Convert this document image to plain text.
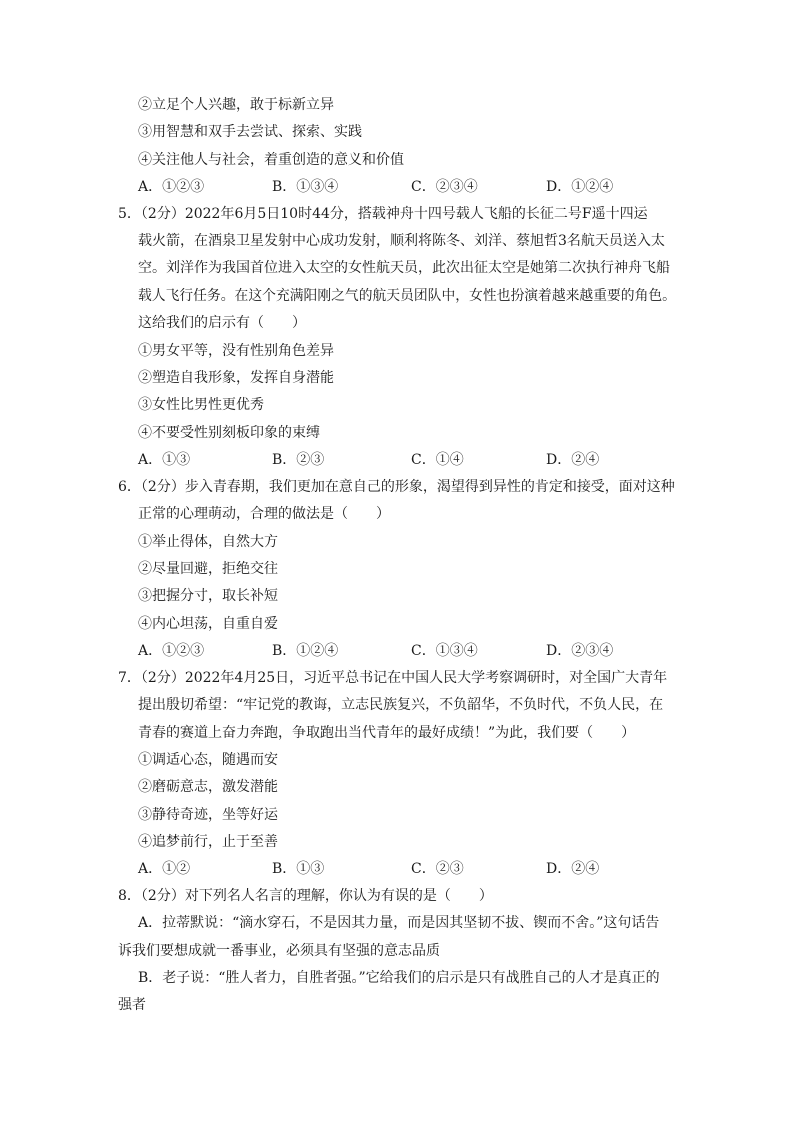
②立足个人兴趣，敢于标新立异
③用智慧和双手去尝试、探索、实践
④关注他人与社会，着重创造的意义和价值
A．①②③	B．①③④	C．②③④	D．①②④
5．（2分）2022年6月5日10时44分，搭载神舟十四号载人飞船的长征二号F遥十四运
载火箭，在酒泉卫星发射中心成功发射，顺利将陈冬、刘洋、蔡旭哲3名航天员送入太
空。刘洋作为我国首位进入太空的女性航天员，此次出征太空是她第二次执行神舟飞船
载人飞行任务。在这个充满阳刚之气的航天员团队中，女性也扮演着越来越重要的角色。
这给我们的启示有（　　）
①男女平等，没有性别角色差异
②塑造自我形象，发挥自身潜能
③女性比男性更优秀
④不要受性别刻板印象的束缚
A．①③	B．②③	C．①④	D．②④
6．（2分）步入青春期，我们更加在意自己的形象，渴望得到异性的肯定和接受，面对这种
正常的心理萌动，合理的做法是（　　）
①举止得体，自然大方
②尽量回避，拒绝交往
③把握分寸，取长补短
④内心坦荡，自重自爱
A．①②③	B．①②④	C．①③④	D．②③④
7．（2分）2022年4月25日，习近平总书记在中国人民大学考察调研时，对全国广大青年
提出殷切希望：“牢记党的教诲，立志民族复兴，不负韶华，不负时代，不负人民，在
青春的赛道上奋力奔跑，争取跑出当代青年的最好成绩！”为此，我们要（　　）
①调适心态，随遇而安
②磨砺意志，激发潜能
③静待奇迹，坐等好运
④追梦前行，止于至善
A．①②	B．①③	C．②③	D．②④
8．（2分）对下列名人名言的理解，你认为有误的是（　　）
A．拉蒂默说：“滴水穿石，不是因其力量，而是因其坚韧不拔、锲而不舍。”这句话告
诉我们要想成就一番事业，必须具有坚强的意志品质
B．老子说：“胜人者力，自胜者强。”它给我们的启示是只有战胜自己的人才是真正的
强者
